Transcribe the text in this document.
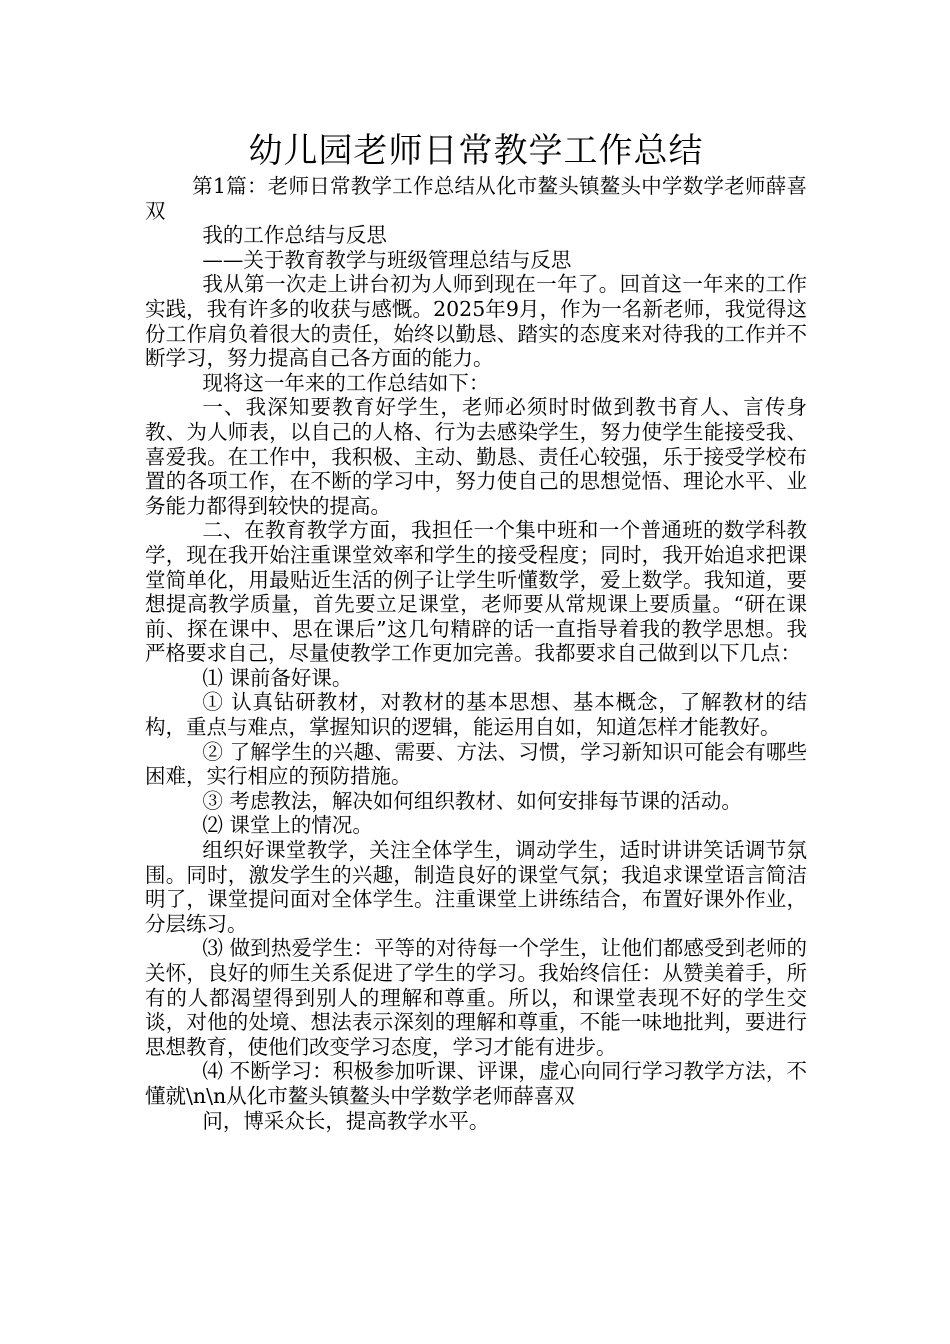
幼儿园老师日常教学工作总结

第1篇：老师日常教学工作总结从化市鳌头镇鳌头中学数学老师薛喜双

我的工作总结与反思

——关于教育教学与班级管理总结与反思

我从第一次走上讲台初为人师到现在一年了。回首这一年来的工作实践，我有许多的收获与感慨。2025年9月，作为一名新老师，我觉得这份工作肩负着很大的责任，始终以勤恳、踏实的态度来对待我的工作并不断学习，努力提高自己各方面的能力。

现将这一年来的工作总结如下：

一、我深知要教育好学生，老师必须时时做到教书育人、言传身教、为人师表，以自己的人格、行为去感染学生，努力使学生能接受我、喜爱我。在工作中，我积极、主动、勤恳、责任心较强，乐于接受学校布置的各项工作，在不断的学习中，努力使自己的思想觉悟、理论水平、业务能力都得到较快的提高。

二、在教育教学方面，我担任一个集中班和一个普通班的数学科教学，现在我开始注重课堂效率和学生的接受程度；同时，我开始追求把课堂简单化，用最贴近生活的例子让学生听懂数学，爱上数学。我知道，要想提高教学质量，首先要立足课堂，老师要从常规课上要质量。“研在课前、探在课中、思在课后”这几句精辟的话一直指导着我的教学思想。我严格要求自己，尽量使教学工作更加完善。我都要求自己做到以下几点：

⑴ 课前备好课。

① 认真钻研教材，对教材的基本思想、基本概念，了解教材的结构，重点与难点，掌握知识的逻辑，能运用自如，知道怎样才能教好。

② 了解学生的兴趣、需要、方法、习惯，学习新知识可能会有哪些困难，实行相应的预防措施。

③ 考虑教法，解决如何组织教材、如何安排每节课的活动。

⑵ 课堂上的情况。

组织好课堂教学，关注全体学生，调动学生，适时讲讲笑话调节氛围。同时，激发学生的兴趣，制造良好的课堂气氛；我追求课堂语言简洁明了，课堂提问面对全体学生。注重课堂上讲练结合，布置好课外作业，分层练习。

⑶ 做到热爱学生：平等的对待每一个学生，让他们都感受到老师的关怀，良好的师生关系促进了学生的学习。我始终信任：从赞美着手，所有的人都渴望得到别人的理解和尊重。所以，和课堂表现不好的学生交谈，对他的处境、想法表示深刻的理解和尊重，不能一味地批判，要进行思想教育，使他们改变学习态度，学习才能有进步。

⑷ 不断学习：积极参加听课、评课，虚心向同行学习教学方法，不懂就\n\n从化市鳌头镇鳌头中学数学老师薛喜双

问，博采众长，提高教学水平。
